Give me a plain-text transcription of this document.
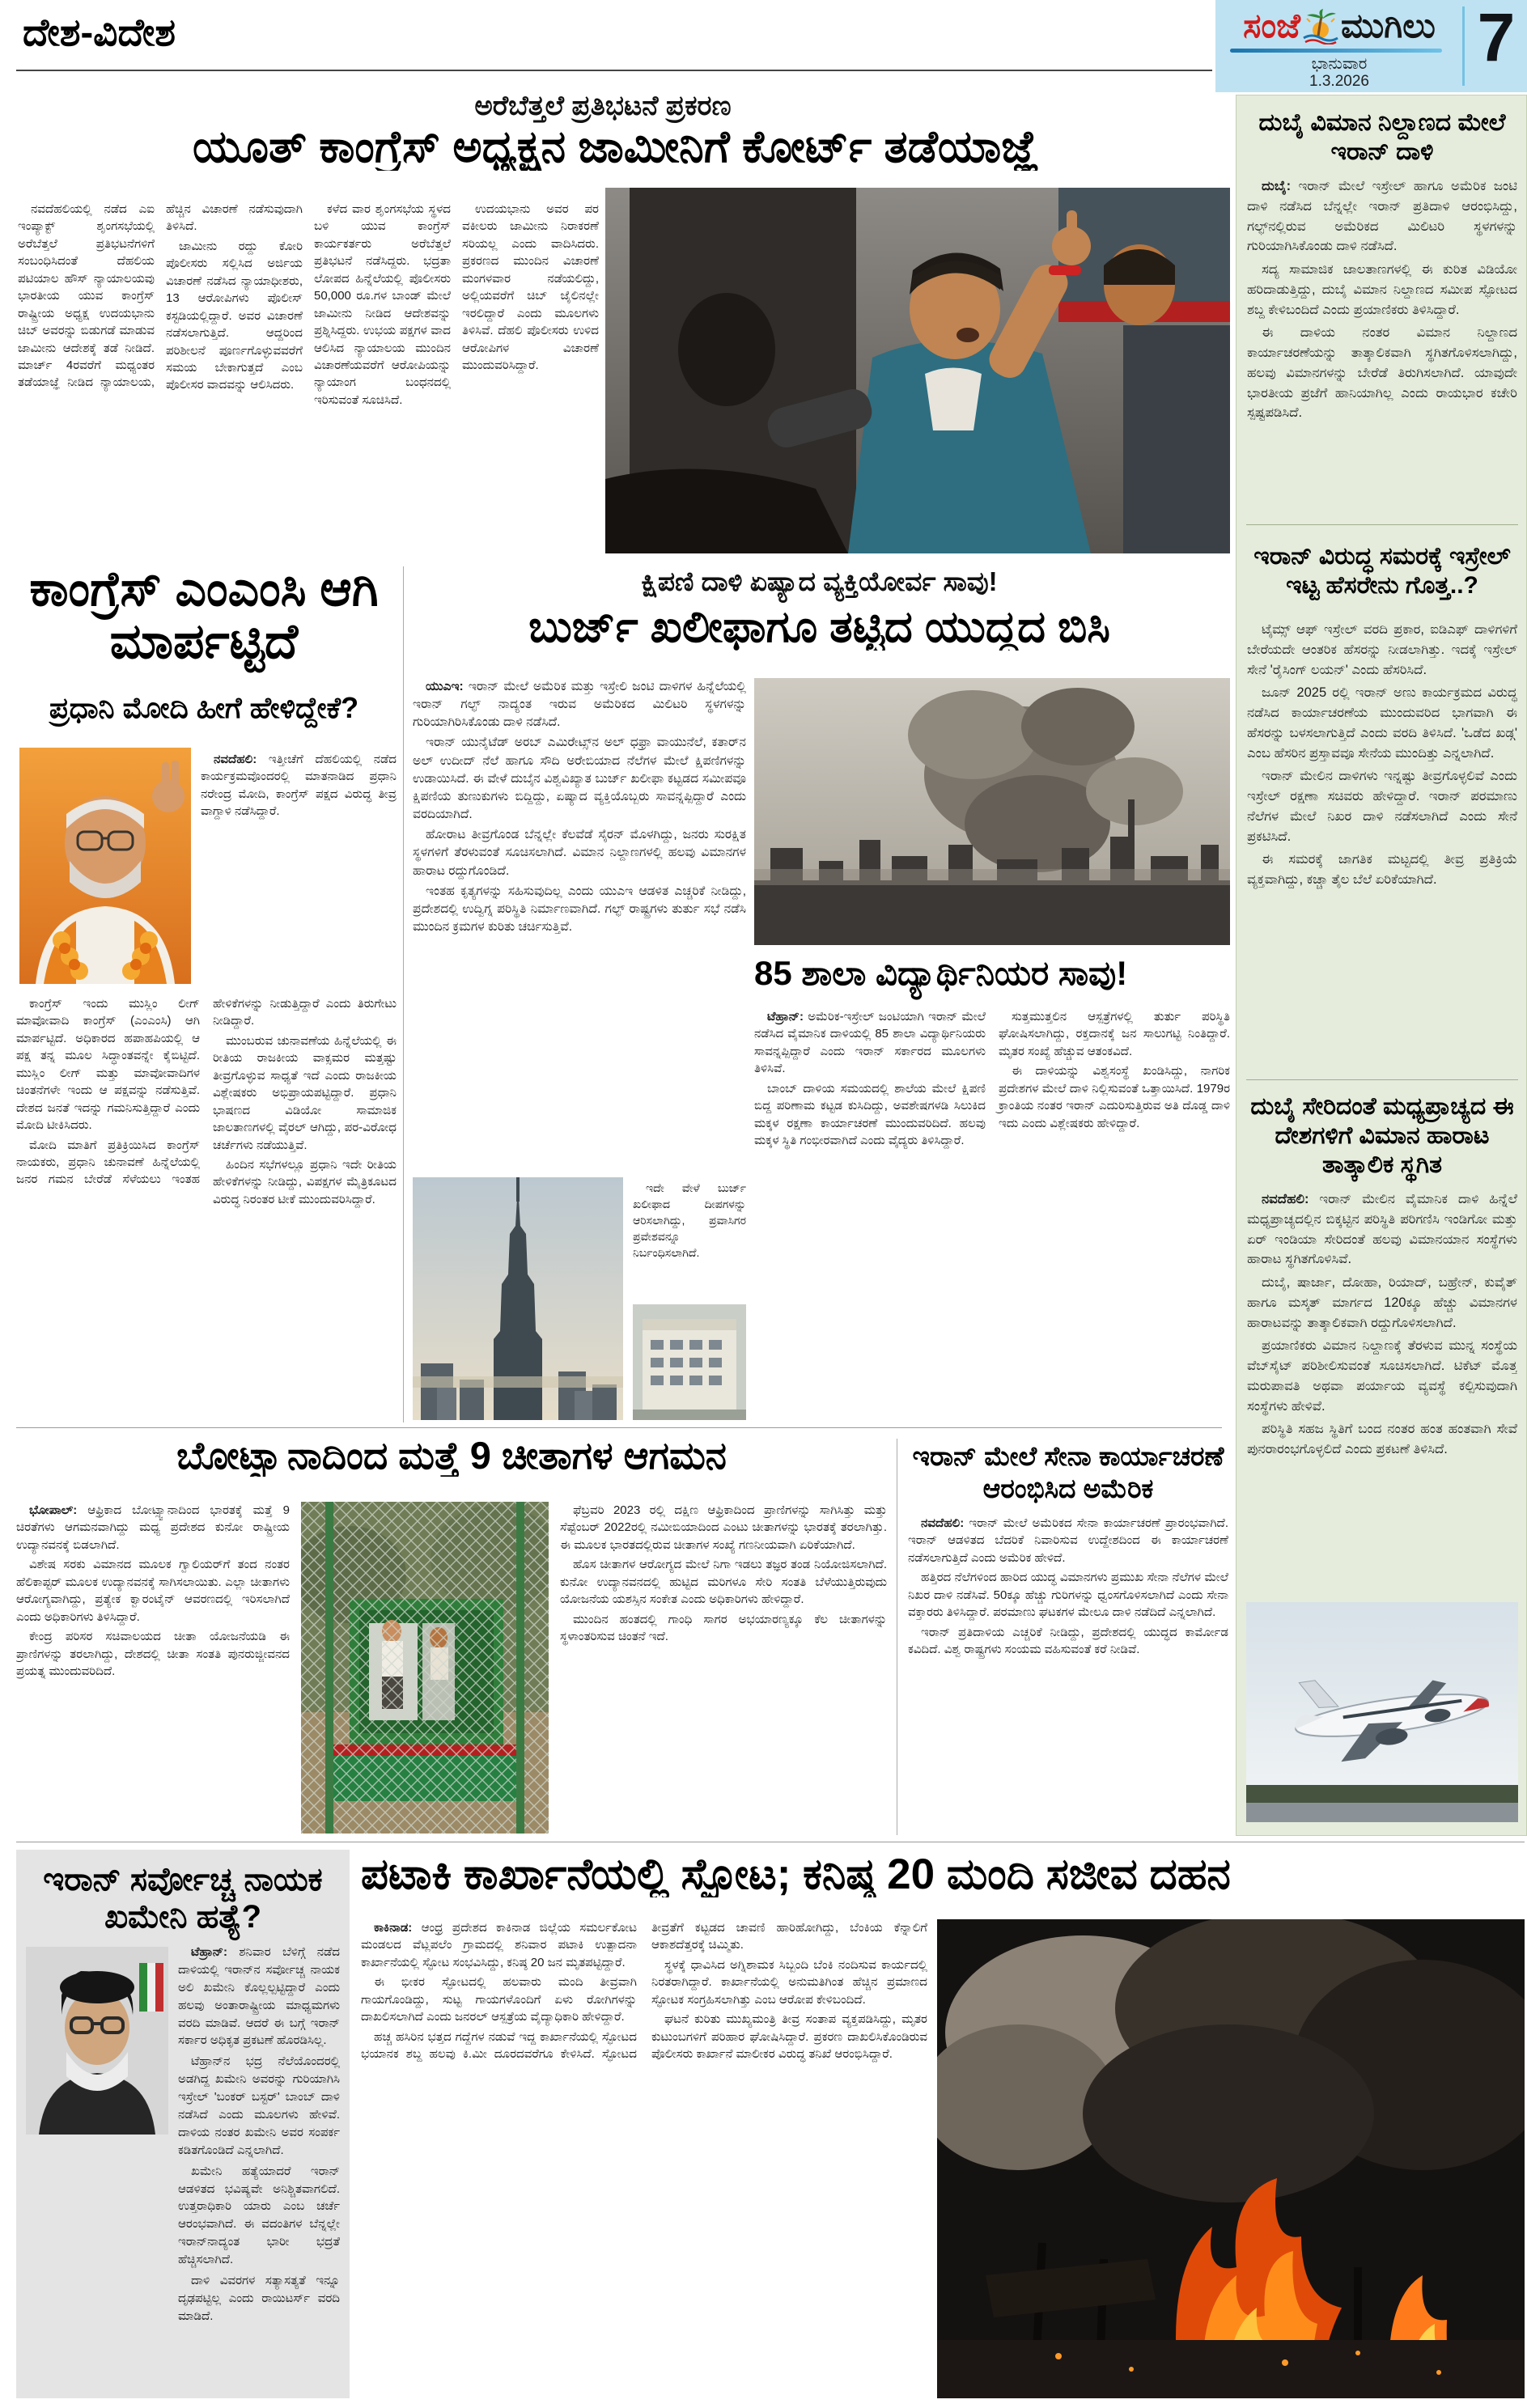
ದೇಶ-ವಿದೇಶ	ಸಂಜೆ ಮುಗಿಲು
ಭಾನುವಾರ
1.3.2026
7
ಅರೆಬೆತ್ತಲೆ ಪ್ರತಿಭಟನೆ ಪ್ರಕರಣ
ಯೂತ್ ಕಾಂಗ್ರೆಸ್ ಅಧ್ಯಕ್ಷನ ಜಾಮೀನಿಗೆ ಕೋರ್ಟ್ ತಡೆಯಾಜ್ಞೆ

ನವದೆಹಲಿಯಲ್ಲಿ ನಡೆದ ಎಐ ಇಂಪ್ಯಾಕ್ಟ್ ಶೃಂಗಸಭೆಯಲ್ಲಿ ಅರೆಬೆತ್ತಲೆ ಪ್ರತಿಭಟನೆಗಳಿಗೆ ಸಂಬಂಧಿಸಿದಂತೆ ದೆಹಲಿಯ ಪಟಿಯಾಲ ಹೌಸ್ ನ್ಯಾಯಾಲಯವು ಭಾರತೀಯ ಯುವ ಕಾಂಗ್ರೆಸ್ ರಾಷ್ಟ್ರೀಯ ಅಧ್ಯಕ್ಷ ಉದಯಭಾನು ಚಿಬ್ ಅವರನ್ನು ಬಿಡುಗಡೆ ಮಾಡುವ ಜಾಮೀನು ಆದೇಶಕ್ಕೆ ತಡೆ ನೀಡಿದೆ. ಮಾರ್ಚ್ 4ರವರೆಗೆ ಮಧ್ಯಂತರ ತಡೆಯಾಜ್ಞೆ ನೀಡಿದ ನ್ಯಾಯಾಲಯ, ಹೆಚ್ಚಿನ ವಿಚಾರಣೆ ನಡೆಸುವುದಾಗಿ ತಿಳಿಸಿದೆ.

ಜಾಮೀನು ರದ್ದು ಕೋರಿ ಪೊಲೀಸರು ಸಲ್ಲಿಸಿದ ಅರ್ಜಿಯ ವಿಚಾರಣೆ ನಡೆಸಿದ ನ್ಯಾಯಾಧೀಶರು, 13 ಆರೋಪಿಗಳು ಪೊಲೀಸ್ ಕಸ್ಟಡಿಯಲ್ಲಿದ್ದಾರೆ. ಅವರ ವಿಚಾರಣೆ ನಡೆಸಲಾಗುತ್ತಿದೆ. ಆದ್ದರಿಂದ ಪರಿಶೀಲನೆ ಪೂರ್ಣಗೊಳ್ಳುವವರೆಗೆ ಸಮಯ ಬೇಕಾಗುತ್ತದೆ ಎಂಬ ಪೊಲೀಸರ ವಾದವನ್ನು ಆಲಿಸಿದರು.

ಕಳೆದ ವಾರ ಶೃಂಗಸಭೆಯ ಸ್ಥಳದ ಬಳಿ ಯುವ ಕಾಂಗ್ರೆಸ್ ಕಾರ್ಯಕರ್ತರು ಅರೆಬೆತ್ತಲೆ ಪ್ರತಿಭಟನೆ ನಡೆಸಿದ್ದರು. ಭದ್ರತಾ ಲೋಪದ ಹಿನ್ನೆಲೆಯಲ್ಲಿ ಪೊಲೀಸರು 50,000 ರೂ.ಗಳ ಬಾಂಡ್ ಮೇಲೆ ಜಾಮೀನು ನೀಡಿದ ಆದೇಶವನ್ನು ಪ್ರಶ್ನಿಸಿದ್ದರು. ಉಭಯ ಪಕ್ಷಗಳ ವಾದ ಆಲಿಸಿದ ನ್ಯಾಯಾಲಯ ಮುಂದಿನ ವಿಚಾರಣೆಯವರೆಗೆ ಆರೋಪಿಯನ್ನು ನ್ಯಾಯಾಂಗ ಬಂಧನದಲ್ಲಿ ಇರಿಸುವಂತೆ ಸೂಚಿಸಿದೆ.

ಉದಯಭಾನು ಅವರ ಪರ ವಕೀಲರು ಜಾಮೀನು ನಿರಾಕರಣೆ ಸರಿಯಲ್ಲ ಎಂದು ವಾದಿಸಿದರು. ಪ್ರಕರಣದ ಮುಂದಿನ ವಿಚಾರಣೆ ಮಂಗಳವಾರ ನಡೆಯಲಿದ್ದು, ಅಲ್ಲಿಯವರೆಗೆ ಚಿಬ್ ಜೈಲಿನಲ್ಲೇ ಇರಲಿದ್ದಾರೆ ಎಂದು ಮೂಲಗಳು ತಿಳಿಸಿವೆ. ದೆಹಲಿ ಪೊಲೀಸರು ಉಳಿದ ಆರೋಪಿಗಳ ವಿಚಾರಣೆ ಮುಂದುವರಿಸಿದ್ದಾರೆ.

ಕಾಂಗ್ರೆಸ್ ಎಂಎಂಸಿ ಆಗಿ ಮಾರ್ಪಟ್ಟಿದೆ
ಪ್ರಧಾನಿ ಮೋದಿ ಹೀಗೆ ಹೇಳಿದ್ದೇಕೆ?

ನವದೆಹಲಿ: ಇತ್ತೀಚೆಗೆ ದೆಹಲಿಯಲ್ಲಿ ನಡೆದ ಕಾರ್ಯಕ್ರಮವೊಂದರಲ್ಲಿ ಮಾತನಾಡಿದ ಪ್ರಧಾನಿ ನರೇಂದ್ರ ಮೋದಿ, ಕಾಂಗ್ರೆಸ್ ಪಕ್ಷದ ವಿರುದ್ಧ ತೀವ್ರ ವಾಗ್ದಾಳಿ ನಡೆಸಿದ್ದಾರೆ.

ಕಾಂಗ್ರೆಸ್ ಇಂದು ಮುಸ್ಲಿಂ ಲೀಗ್ ಮಾವೋವಾದಿ ಕಾಂಗ್ರೆಸ್ (ಎಂಎಂಸಿ) ಆಗಿ ಮಾರ್ಪಟ್ಟಿದೆ. ಅಧಿಕಾರದ ಹಪಾಹಪಿಯಲ್ಲಿ ಆ ಪಕ್ಷ ತನ್ನ ಮೂಲ ಸಿದ್ಧಾಂತವನ್ನೇ ಕೈಬಿಟ್ಟಿದೆ. ಮುಸ್ಲಿಂ ಲೀಗ್ ಮತ್ತು ಮಾವೋವಾದಿಗಳ ಚಿಂತನೆಗಳೇ ಇಂದು ಆ ಪಕ್ಷವನ್ನು ನಡೆಸುತ್ತಿವೆ. ದೇಶದ ಜನತೆ ಇದನ್ನು ಗಮನಿಸುತ್ತಿದ್ದಾರೆ ಎಂದು ಮೋದಿ ಟೀಕಿಸಿದರು.

ಮೋದಿ ಮಾತಿಗೆ ಪ್ರತಿಕ್ರಿಯಿಸಿದ ಕಾಂಗ್ರೆಸ್ ನಾಯಕರು, ಪ್ರಧಾನಿ ಚುನಾವಣೆ ಹಿನ್ನೆಲೆಯಲ್ಲಿ ಜನರ ಗಮನ ಬೇರೆಡೆ ಸೆಳೆಯಲು ಇಂತಹ ಹೇಳಿಕೆಗಳನ್ನು ನೀಡುತ್ತಿದ್ದಾರೆ ಎಂದು ತಿರುಗೇಟು ನೀಡಿದ್ದಾರೆ.

ಮುಂಬರುವ ಚುನಾವಣೆಯ ಹಿನ್ನೆಲೆಯಲ್ಲಿ ಈ ರೀತಿಯ ರಾಜಕೀಯ ವಾಕ್ಸಮರ ಮತ್ತಷ್ಟು ತೀವ್ರಗೊಳ್ಳುವ ಸಾಧ್ಯತೆ ಇದೆ ಎಂದು ರಾಜಕೀಯ ವಿಶ್ಲೇಷಕರು ಅಭಿಪ್ರಾಯಪಟ್ಟಿದ್ದಾರೆ. ಪ್ರಧಾನಿ ಭಾಷಣದ ವಿಡಿಯೋ ಸಾಮಾಜಿಕ ಜಾಲತಾಣಗಳಲ್ಲಿ ವೈರಲ್ ಆಗಿದ್ದು, ಪರ-ವಿರೋಧ ಚರ್ಚೆಗಳು ನಡೆಯುತ್ತಿವೆ.

ಹಿಂದಿನ ಸಭೆಗಳಲ್ಲೂ ಪ್ರಧಾನಿ ಇದೇ ರೀತಿಯ ಹೇಳಿಕೆಗಳನ್ನು ನೀಡಿದ್ದು, ವಿಪಕ್ಷಗಳ ಮೈತ್ರಿಕೂಟದ ವಿರುದ್ಧ ನಿರಂತರ ಟೀಕೆ ಮುಂದುವರಿಸಿದ್ದಾರೆ.

ಕ್ಷಿಪಣಿ ದಾಳಿ ಏಷ್ಯಾದ ವ್ಯಕ್ತಿಯೋರ್ವ ಸಾವು!
ಬುರ್ಜ್ ಖಲೀಫಾಗೂ ತಟ್ಟಿದ ಯುದ್ಧದ ಬಿಸಿ

ಯುಎಇ: ಇರಾನ್ ಮೇಲೆ ಅಮೆರಿಕ ಮತ್ತು ಇಸ್ರೇಲಿ ಜಂಟಿ ದಾಳಿಗಳ ಹಿನ್ನೆಲೆಯಲ್ಲಿ ಇರಾನ್ ಗಲ್ಫ್ ನಾದ್ಯಂತ ಇರುವ ಅಮೆರಿಕದ ಮಿಲಿಟರಿ ಸ್ಥಳಗಳನ್ನು ಗುರಿಯಾಗಿರಿಸಿಕೊಂಡು ದಾಳಿ ನಡೆಸಿದೆ.

ಇರಾನ್ ಯುನೈಟೆಡ್ ಅರಬ್ ಎಮಿರೇಟ್ಸ್‌ನ ಅಲ್ ಧಫ್ರಾ ವಾಯುನೆಲೆ, ಕತಾರ್‌ನ ಅಲ್ ಉದೀದ್ ನೆಲೆ ಹಾಗೂ ಸೌದಿ ಅರೇಬಿಯಾದ ನೆಲೆಗಳ ಮೇಲೆ ಕ್ಷಿಪಣಿಗಳನ್ನು ಉಡಾಯಿಸಿದೆ. ಈ ವೇಳೆ ದುಬೈನ ವಿಶ್ವವಿಖ್ಯಾತ ಬುರ್ಜ್ ಖಲೀಫಾ ಕಟ್ಟಡದ ಸಮೀಪವೂ ಕ್ಷಿಪಣಿಯ ತುಣುಕುಗಳು ಬಿದ್ದಿದ್ದು, ಏಷ್ಯಾದ ವ್ಯಕ್ತಿಯೊಬ್ಬರು ಸಾವನ್ನಪ್ಪಿದ್ದಾರೆ ಎಂದು ವರದಿಯಾಗಿದೆ.

ಹೋರಾಟ ತೀವ್ರಗೊಂಡ ಬೆನ್ನಲ್ಲೇ ಕೆಲವೆಡೆ ಸೈರನ್ ಮೊಳಗಿದ್ದು, ಜನರು ಸುರಕ್ಷಿತ ಸ್ಥಳಗಳಿಗೆ ತೆರಳುವಂತೆ ಸೂಚಿಸಲಾಗಿದೆ. ವಿಮಾನ ನಿಲ್ದಾಣಗಳಲ್ಲಿ ಹಲವು ವಿಮಾನಗಳ ಹಾರಾಟ ರದ್ದುಗೊಂಡಿದೆ.

ಇಂತಹ ಕೃತ್ಯಗಳನ್ನು ಸಹಿಸುವುದಿಲ್ಲ ಎಂದು ಯುಎಇ ಆಡಳಿತ ಎಚ್ಚರಿಕೆ ನೀಡಿದ್ದು, ಪ್ರದೇಶದಲ್ಲಿ ಉದ್ವಿಗ್ನ ಪರಿಸ್ಥಿತಿ ನಿರ್ಮಾಣವಾಗಿದೆ. ಗಲ್ಫ್ ರಾಷ್ಟ್ರಗಳು ತುರ್ತು ಸಭೆ ನಡೆಸಿ ಮುಂದಿನ ಕ್ರಮಗಳ ಕುರಿತು ಚರ್ಚಿಸುತ್ತಿವೆ.

85 ಶಾಲಾ ವಿದ್ಯಾರ್ಥಿನಿಯರ ಸಾವು!

ಟೆಹ್ರಾನ್: ಅಮೆರಿಕ-ಇಸ್ರೇಲ್ ಜಂಟಿಯಾಗಿ ಇರಾನ್ ಮೇಲೆ ನಡೆಸಿದ ವೈಮಾನಿಕ ದಾಳಿಯಲ್ಲಿ 85 ಶಾಲಾ ವಿದ್ಯಾರ್ಥಿನಿಯರು ಸಾವನ್ನಪ್ಪಿದ್ದಾರೆ ಎಂದು ಇರಾನ್ ಸರ್ಕಾರದ ಮೂಲಗಳು ತಿಳಿಸಿವೆ.

ಬಾಂಬ್ ದಾಳಿಯ ಸಮಯದಲ್ಲಿ ಶಾಲೆಯ ಮೇಲೆ ಕ್ಷಿಪಣಿ ಬಿದ್ದ ಪರಿಣಾಮ ಕಟ್ಟಡ ಕುಸಿದಿದ್ದು, ಅವಶೇಷಗಳಡಿ ಸಿಲುಕಿದ ಮಕ್ಕಳ ರಕ್ಷಣಾ ಕಾರ್ಯಾಚರಣೆ ಮುಂದುವರಿದಿದೆ. ಹಲವು ಮಕ್ಕಳ ಸ್ಥಿತಿ ಗಂಭೀರವಾಗಿದೆ ಎಂದು ವೈದ್ಯರು ತಿಳಿಸಿದ್ದಾರೆ.

ಸುತ್ತಮುತ್ತಲಿನ ಆಸ್ಪತ್ರೆಗಳಲ್ಲಿ ತುರ್ತು ಪರಿಸ್ಥಿತಿ ಘೋಷಿಸಲಾಗಿದ್ದು, ರಕ್ತದಾನಕ್ಕೆ ಜನ ಸಾಲುಗಟ್ಟಿ ನಿಂತಿದ್ದಾರೆ. ಮೃತರ ಸಂಖ್ಯೆ ಹೆಚ್ಚುವ ಆತಂಕವಿದೆ.

ಈ ದಾಳಿಯನ್ನು ವಿಶ್ವಸಂಸ್ಥೆ ಖಂಡಿಸಿದ್ದು, ನಾಗರಿಕ ಪ್ರದೇಶಗಳ ಮೇಲೆ ದಾಳಿ ನಿಲ್ಲಿಸುವಂತೆ ಒತ್ತಾಯಿಸಿದೆ. 1979ರ ಕ್ರಾಂತಿಯ ನಂತರ ಇರಾನ್ ಎದುರಿಸುತ್ತಿರುವ ಅತಿ ದೊಡ್ಡ ದಾಳಿ ಇದು ಎಂದು ವಿಶ್ಲೇಷಕರು ಹೇಳಿದ್ದಾರೆ.

ಇದೇ ವೇಳೆ ಬುರ್ಜ್ ಖಲೀಫಾದ ದೀಪಗಳನ್ನು ಆರಿಸಲಾಗಿದ್ದು, ಪ್ರವಾಸಿಗರ ಪ್ರವೇಶವನ್ನೂ ನಿರ್ಬಂಧಿಸಲಾಗಿದೆ.

ದುಬೈ ವಿಮಾನ ನಿಲ್ದಾಣದ ಮೇಲೆ ಇರಾನ್ ದಾಳಿ

ದುಬೈ: ಇರಾನ್ ಮೇಲೆ ಇಸ್ರೇಲ್ ಹಾಗೂ ಅಮೆರಿಕ ಜಂಟಿ ದಾಳಿ ನಡೆಸಿದ ಬೆನ್ನಲ್ಲೇ ಇರಾನ್ ಪ್ರತಿದಾಳಿ ಆರಂಭಿಸಿದ್ದು, ಗಲ್ಫ್‌ನಲ್ಲಿರುವ ಅಮೆರಿಕದ ಮಿಲಿಟರಿ ಸ್ಥಳಗಳನ್ನು ಗುರಿಯಾಗಿಸಿಕೊಂಡು ದಾಳಿ ನಡೆಸಿದೆ.

ಸದ್ಯ ಸಾಮಾಜಿಕ ಜಾಲತಾಣಗಳಲ್ಲಿ ಈ ಕುರಿತ ವಿಡಿಯೋ ಹರಿದಾಡುತ್ತಿದ್ದು, ದುಬೈ ವಿಮಾನ ನಿಲ್ದಾಣದ ಸಮೀಪ ಸ್ಫೋಟದ ಶಬ್ದ ಕೇಳಿಬಂದಿದೆ ಎಂದು ಪ್ರಯಾಣಿಕರು ತಿಳಿಸಿದ್ದಾರೆ.

ಈ ದಾಳಿಯ ನಂತರ ವಿಮಾನ ನಿಲ್ದಾಣದ ಕಾರ್ಯಾಚರಣೆಯನ್ನು ತಾತ್ಕಾಲಿಕವಾಗಿ ಸ್ಥಗಿತಗೊಳಿಸಲಾಗಿದ್ದು, ಹಲವು ವಿಮಾನಗಳನ್ನು ಬೇರೆಡೆ ತಿರುಗಿಸಲಾಗಿದೆ. ಯಾವುದೇ ಭಾರತೀಯ ಪ್ರಜೆಗೆ ಹಾನಿಯಾಗಿಲ್ಲ ಎಂದು ರಾಯಭಾರ ಕಚೇರಿ ಸ್ಪಷ್ಟಪಡಿಸಿದೆ.

ಇರಾನ್ ವಿರುದ್ಧ ಸಮರಕ್ಕೆ ಇಸ್ರೇಲ್ ಇಟ್ಟ ಹೆಸರೇನು ಗೊತ್ತ..?

ಟೈಮ್ಸ್ ಆಫ್ ಇಸ್ರೇಲ್ ವರದಿ ಪ್ರಕಾರ, ಐಡಿಎಫ್ ದಾಳಿಗಳಿಗೆ ಬೇರೆಯದೇ ಆಂತರಿಕ ಹೆಸರನ್ನು ನೀಡಲಾಗಿತ್ತು. ಇದಕ್ಕೆ ಇಸ್ರೇಲ್ ಸೇನೆ 'ರೈಸಿಂಗ್ ಲಯನ್' ಎಂದು ಹೆಸರಿಸಿದೆ.

ಜೂನ್ 2025 ರಲ್ಲಿ ಇರಾನ್ ಅಣು ಕಾರ್ಯಕ್ರಮದ ವಿರುದ್ಧ ನಡೆಸಿದ ಕಾರ್ಯಾಚರಣೆಯ ಮುಂದುವರಿದ ಭಾಗವಾಗಿ ಈ ಹೆಸರನ್ನು ಬಳಸಲಾಗುತ್ತಿದೆ ಎಂದು ವರದಿ ತಿಳಿಸಿದೆ. 'ಒಡೆದ ಖಡ್ಗ' ಎಂಬ ಹೆಸರಿನ ಪ್ರಸ್ತಾವವೂ ಸೇನೆಯ ಮುಂದಿತ್ತು ಎನ್ನಲಾಗಿದೆ.

ಇರಾನ್ ಮೇಲಿನ ದಾಳಿಗಳು ಇನ್ನಷ್ಟು ತೀವ್ರಗೊಳ್ಳಲಿವೆ ಎಂದು ಇಸ್ರೇಲ್ ರಕ್ಷಣಾ ಸಚಿವರು ಹೇಳಿದ್ದಾರೆ. ಇರಾನ್ ಪರಮಾಣು ನೆಲೆಗಳ ಮೇಲೆ ನಿಖರ ದಾಳಿ ನಡೆಸಲಾಗಿದೆ ಎಂದು ಸೇನೆ ಪ್ರಕಟಿಸಿದೆ.

ಈ ಸಮರಕ್ಕೆ ಜಾಗತಿಕ ಮಟ್ಟದಲ್ಲಿ ತೀವ್ರ ಪ್ರತಿಕ್ರಿಯೆ ವ್ಯಕ್ತವಾಗಿದ್ದು, ಕಚ್ಚಾ ತೈಲ ಬೆಲೆ ಏರಿಕೆಯಾಗಿದೆ.

ದುಬೈ ಸೇರಿದಂತೆ ಮಧ್ಯಪ್ರಾಚ್ಯದ ಈ ದೇಶಗಳಿಗೆ ವಿಮಾನ ಹಾರಾಟ ತಾತ್ಕಾಲಿಕ ಸ್ಥಗಿತ

ನವದೆಹಲಿ: ಇರಾನ್ ಮೇಲಿನ ವೈಮಾನಿಕ ದಾಳಿ ಹಿನ್ನೆಲೆ ಮಧ್ಯಪ್ರಾಚ್ಯದಲ್ಲಿನ ಬಿಕ್ಕಟ್ಟಿನ ಪರಿಸ್ಥಿತಿ ಪರಿಗಣಿಸಿ ಇಂಡಿಗೋ ಮತ್ತು ಏರ್ ಇಂಡಿಯಾ ಸೇರಿದಂತೆ ಹಲವು ವಿಮಾನಯಾನ ಸಂಸ್ಥೆಗಳು ಹಾರಾಟ ಸ್ಥಗಿತಗೊಳಿಸಿವೆ.

ದುಬೈ, ಷಾರ್ಜಾ, ದೋಹಾ, ರಿಯಾದ್, ಬಹ್ರೇನ್, ಕುವೈತ್ ಹಾಗೂ ಮಸ್ಕತ್ ಮಾರ್ಗದ 120ಕ್ಕೂ ಹೆಚ್ಚು ವಿಮಾನಗಳ ಹಾರಾಟವನ್ನು ತಾತ್ಕಾಲಿಕವಾಗಿ ರದ್ದುಗೊಳಿಸಲಾಗಿದೆ.

ಪ್ರಯಾಣಿಕರು ವಿಮಾನ ನಿಲ್ದಾಣಕ್ಕೆ ತೆರಳುವ ಮುನ್ನ ಸಂಸ್ಥೆಯ ವೆಬ್‌ಸೈಟ್ ಪರಿಶೀಲಿಸುವಂತೆ ಸೂಚಿಸಲಾಗಿದೆ. ಟಿಕೆಟ್ ಮೊತ್ತ ಮರುಪಾವತಿ ಅಥವಾ ಪರ್ಯಾಯ ವ್ಯವಸ್ಥೆ ಕಲ್ಪಿಸುವುದಾಗಿ ಸಂಸ್ಥೆಗಳು ಹೇಳಿವೆ.

ಪರಿಸ್ಥಿತಿ ಸಹಜ ಸ್ಥಿತಿಗೆ ಬಂದ ನಂತರ ಹಂತ ಹಂತವಾಗಿ ಸೇವೆ ಪುನರಾರಂಭಗೊಳ್ಳಲಿದೆ ಎಂದು ಪ್ರಕಟಣೆ ತಿಳಿಸಿದೆ.

ಬೋಟ್ಸ್ವಾನಾದಿಂದ ಮತ್ತೆ 9 ಚೀತಾಗಳ ಆಗಮನ

ಭೋಪಾಲ್: ಆಫ್ರಿಕಾದ ಬೋಟ್ಸ್ವಾನಾದಿಂದ ಭಾರತಕ್ಕೆ ಮತ್ತೆ 9 ಚಿರತೆಗಳು ಆಗಮನವಾಗಿದ್ದು ಮಧ್ಯ ಪ್ರದೇಶದ ಕುನೋ ರಾಷ್ಟ್ರೀಯ ಉದ್ಯಾನವನಕ್ಕೆ ಬಿಡಲಾಗಿದೆ.

ವಿಶೇಷ ಸರಕು ವಿಮಾನದ ಮೂಲಕ ಗ್ವಾಲಿಯರ್‌ಗೆ ತಂದ ನಂತರ ಹೆಲಿಕಾಪ್ಟರ್ ಮೂಲಕ ಉದ್ಯಾನವನಕ್ಕೆ ಸಾಗಿಸಲಾಯಿತು. ಎಲ್ಲಾ ಚೀತಾಗಳು ಆರೋಗ್ಯವಾಗಿದ್ದು, ಪ್ರತ್ಯೇಕ ಕ್ವಾರಂಟೈನ್ ಆವರಣದಲ್ಲಿ ಇರಿಸಲಾಗಿದೆ ಎಂದು ಅಧಿಕಾರಿಗಳು ತಿಳಿಸಿದ್ದಾರೆ.

ಕೇಂದ್ರ ಪರಿಸರ ಸಚಿವಾಲಯದ ಚೀತಾ ಯೋಜನೆಯಡಿ ಈ ಪ್ರಾಣಿಗಳನ್ನು ತರಲಾಗಿದ್ದು, ದೇಶದಲ್ಲಿ ಚೀತಾ ಸಂತತಿ ಪುನರುಜ್ಜೀವನದ ಪ್ರಯತ್ನ ಮುಂದುವರಿದಿದೆ.

ಫೆಬ್ರವರಿ 2023 ರಲ್ಲಿ ದಕ್ಷಿಣ ಆಫ್ರಿಕಾದಿಂದ ಪ್ರಾಣಿಗಳನ್ನು ಸಾಗಿಸಿತ್ತು ಮತ್ತು ಸೆಪ್ಟೆಂಬರ್ 2022ರಲ್ಲಿ ನಮೀಬಿಯಾದಿಂದ ಎಂಟು ಚೀತಾಗಳನ್ನು ಭಾರತಕ್ಕೆ ತರಲಾಗಿತ್ತು. ಈ ಮೂಲಕ ಭಾರತದಲ್ಲಿರುವ ಚೀತಾಗಳ ಸಂಖ್ಯೆ ಗಣನೀಯವಾಗಿ ಏರಿಕೆಯಾಗಿದೆ.

ಹೊಸ ಚೀತಾಗಳ ಆರೋಗ್ಯದ ಮೇಲೆ ನಿಗಾ ಇಡಲು ತಜ್ಞರ ತಂಡ ನಿಯೋಜಿಸಲಾಗಿದೆ. ಕುನೋ ಉದ್ಯಾನವನದಲ್ಲಿ ಹುಟ್ಟಿದ ಮರಿಗಳೂ ಸೇರಿ ಸಂತತಿ ಬೆಳೆಯುತ್ತಿರುವುದು ಯೋಜನೆಯ ಯಶಸ್ಸಿನ ಸಂಕೇತ ಎಂದು ಅಧಿಕಾರಿಗಳು ಹೇಳಿದ್ದಾರೆ.

ಮುಂದಿನ ಹಂತದಲ್ಲಿ ಗಾಂಧಿ ಸಾಗರ ಅಭಯಾರಣ್ಯಕ್ಕೂ ಕೆಲ ಚೀತಾಗಳನ್ನು ಸ್ಥಳಾಂತರಿಸುವ ಚಿಂತನೆ ಇದೆ.

ಇರಾನ್ ಮೇಲೆ ಸೇನಾ ಕಾರ್ಯಾಚರಣೆ ಆರಂಭಿಸಿದ ಅಮೆರಿಕ

ನವದೆಹಲಿ: ಇರಾನ್ ಮೇಲೆ ಅಮೆರಿಕದ ಸೇನಾ ಕಾರ್ಯಾಚರಣೆ ಪ್ರಾರಂಭವಾಗಿದೆ. ಇರಾನ್ ಆಡಳಿತದ ಬೆದರಿಕೆ ನಿವಾರಿಸುವ ಉದ್ದೇಶದಿಂದ ಈ ಕಾರ್ಯಾಚರಣೆ ನಡೆಸಲಾಗುತ್ತಿದೆ ಎಂದು ಅಮೆರಿಕ ಹೇಳಿದೆ.

ಹತ್ತಿರದ ನೆಲೆಗಳಿಂದ ಹಾರಿದ ಯುದ್ಧ ವಿಮಾನಗಳು ಪ್ರಮುಖ ಸೇನಾ ನೆಲೆಗಳ ಮೇಲೆ ನಿಖರ ದಾಳಿ ನಡೆಸಿವೆ. 50ಕ್ಕೂ ಹೆಚ್ಚು ಗುರಿಗಳನ್ನು ಧ್ವಂಸಗೊಳಿಸಲಾಗಿದೆ ಎಂದು ಸೇನಾ ವಕ್ತಾರರು ತಿಳಿಸಿದ್ದಾರೆ. ಪರಮಾಣು ಘಟಕಗಳ ಮೇಲೂ ದಾಳಿ ನಡೆದಿದೆ ಎನ್ನಲಾಗಿದೆ.

ಇರಾನ್ ಪ್ರತಿದಾಳಿಯ ಎಚ್ಚರಿಕೆ ನೀಡಿದ್ದು, ಪ್ರದೇಶದಲ್ಲಿ ಯುದ್ಧದ ಕಾರ್ಮೋಡ ಕವಿದಿದೆ. ವಿಶ್ವ ರಾಷ್ಟ್ರಗಳು ಸಂಯಮ ವಹಿಸುವಂತೆ ಕರೆ ನೀಡಿವೆ.

ಇರಾನ್ ಸರ್ವೋಚ್ಚ ನಾಯಕ ಖಮೇನಿ ಹತ್ಯೆ?

ಟೆಹ್ರಾನ್: ಶನಿವಾರ ಬೆಳಿಗ್ಗೆ ನಡೆದ ದಾಳಿಯಲ್ಲಿ ಇರಾನ್‌ನ ಸರ್ವೋಚ್ಚ ನಾಯಕ ಅಲಿ ಖಮೇನಿ ಕೊಲ್ಲಲ್ಪಟ್ಟಿದ್ದಾರೆ ಎಂದು ಹಲವು ಅಂತಾರಾಷ್ಟ್ರೀಯ ಮಾಧ್ಯಮಗಳು ವರದಿ ಮಾಡಿವೆ. ಆದರೆ ಈ ಬಗ್ಗೆ ಇರಾನ್ ಸರ್ಕಾರ ಅಧಿಕೃತ ಪ್ರಕಟಣೆ ಹೊರಡಿಸಿಲ್ಲ.

ಟೆಹ್ರಾನ್‌ನ ಭದ್ರ ನೆಲೆಯೊಂದರಲ್ಲಿ ಅಡಗಿದ್ದ ಖಮೇನಿ ಅವರನ್ನು ಗುರಿಯಾಗಿಸಿ ಇಸ್ರೇಲ್ 'ಬಂಕರ್ ಬಸ್ಟರ್' ಬಾಂಬ್ ದಾಳಿ ನಡೆಸಿದೆ ಎಂದು ಮೂಲಗಳು ಹೇಳಿವೆ. ದಾಳಿಯ ನಂತರ ಖಮೇನಿ ಅವರ ಸಂಪರ್ಕ ಕಡಿತಗೊಂಡಿದೆ ಎನ್ನಲಾಗಿದೆ.

ಖಮೇನಿ ಹತ್ಯೆಯಾದರೆ ಇರಾನ್ ಆಡಳಿತದ ಭವಿಷ್ಯವೇ ಅನಿಶ್ಚಿತವಾಗಲಿದೆ. ಉತ್ತರಾಧಿಕಾರಿ ಯಾರು ಎಂಬ ಚರ್ಚೆ ಆರಂಭವಾಗಿದೆ. ಈ ವದಂತಿಗಳ ಬೆನ್ನಲ್ಲೇ ಇರಾನ್‌ನಾದ್ಯಂತ ಭಾರೀ ಭದ್ರತೆ ಹೆಚ್ಚಿಸಲಾಗಿದೆ.

ದಾಳಿ ವಿವರಗಳ ಸತ್ಯಾಸತ್ಯತೆ ಇನ್ನೂ ದೃಢಪಟ್ಟಿಲ್ಲ ಎಂದು ರಾಯಿಟರ್ಸ್ ವರದಿ ಮಾಡಿದೆ.

ಪಟಾಕಿ ಕಾರ್ಖಾನೆಯಲ್ಲಿ ಸ್ಫೋಟ; ಕನಿಷ್ಠ 20 ಮಂದಿ ಸಜೀವ ದಹನ

ಕಾಕಿನಾಡ: ಆಂಧ್ರ ಪ್ರದೇಶದ ಕಾಕಿನಾಡ ಜಿಲ್ಲೆಯ ಸಮರ್ಲಕೋಟ ಮಂಡಲದ ವೆಟ್ಲಪಲೆಂ ಗ್ರಾಮದಲ್ಲಿ ಶನಿವಾರ ಪಟಾಕಿ ಉತ್ಪಾದನಾ ಕಾರ್ಖಾನೆಯಲ್ಲಿ ಸ್ಫೋಟ ಸಂಭವಿಸಿದ್ದು, ಕನಿಷ್ಠ 20 ಜನ ಮೃತಪಟ್ಟಿದ್ದಾರೆ.

ಈ ಭೀಕರ ಸ್ಫೋಟದಲ್ಲಿ ಹಲವಾರು ಮಂದಿ ತೀವ್ರವಾಗಿ ಗಾಯಗೊಂಡಿದ್ದು, ಸುಟ್ಟ ಗಾಯಗಳೊಂದಿಗೆ ಏಳು ರೋಗಿಗಳನ್ನು ದಾಖಲಿಸಲಾಗಿದೆ ಎಂದು ಜನರಲ್ ಆಸ್ಪತ್ರೆಯ ವೈದ್ಯಾಧಿಕಾರಿ ಹೇಳಿದ್ದಾರೆ.

ಹಚ್ಚ ಹಸಿರಿನ ಭತ್ತದ ಗದ್ದೆಗಳ ನಡುವೆ ಇದ್ದ ಕಾರ್ಖಾನೆಯಲ್ಲಿ ಸ್ಫೋಟದ ಭಯಾನಕ ಶಬ್ದ ಹಲವು ಕಿ.ಮೀ ದೂರದವರೆಗೂ ಕೇಳಿಸಿದೆ. ಸ್ಫೋಟದ ತೀವ್ರತೆಗೆ ಕಟ್ಟಡದ ಚಾವಣಿ ಹಾರಿಹೋಗಿದ್ದು, ಬೆಂಕಿಯ ಕೆನ್ನಾಲಿಗೆ ಆಕಾಶದೆತ್ತರಕ್ಕೆ ಚಿಮ್ಮಿತು.

ಸ್ಥಳಕ್ಕೆ ಧಾವಿಸಿದ ಅಗ್ನಿಶಾಮಕ ಸಿಬ್ಬಂದಿ ಬೆಂಕಿ ನಂದಿಸುವ ಕಾರ್ಯದಲ್ಲಿ ನಿರತರಾಗಿದ್ದಾರೆ. ಕಾರ್ಖಾನೆಯಲ್ಲಿ ಅನುಮತಿಗಿಂತ ಹೆಚ್ಚಿನ ಪ್ರಮಾಣದ ಸ್ಫೋಟಕ ಸಂಗ್ರಹಿಸಲಾಗಿತ್ತು ಎಂಬ ಆರೋಪ ಕೇಳಿಬಂದಿದೆ.

ಘಟನೆ ಕುರಿತು ಮುಖ್ಯಮಂತ್ರಿ ತೀವ್ರ ಸಂತಾಪ ವ್ಯಕ್ತಪಡಿಸಿದ್ದು, ಮೃತರ ಕುಟುಂಬಗಳಿಗೆ ಪರಿಹಾರ ಘೋಷಿಸಿದ್ದಾರೆ. ಪ್ರಕರಣ ದಾಖಲಿಸಿಕೊಂಡಿರುವ ಪೊಲೀಸರು ಕಾರ್ಖಾನೆ ಮಾಲೀಕರ ವಿರುದ್ಧ ತನಿಖೆ ಆರಂಭಿಸಿದ್ದಾರೆ.
